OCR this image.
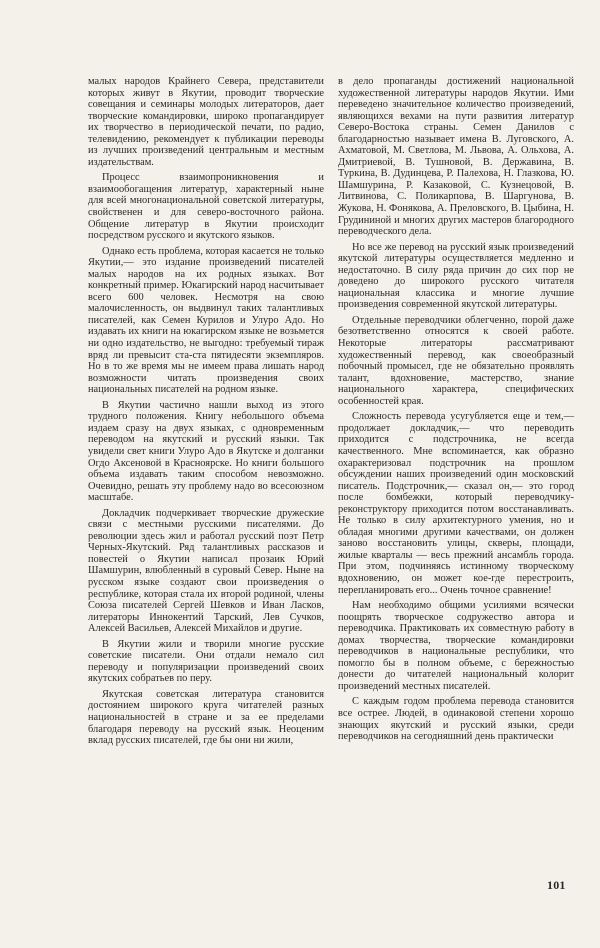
малых народов Крайнего Севера, представители которых живут в Якутии, проводит творческие совещания и семинары молодых литераторов, дает творческие командировки, широко пропагандирует их творчество в периодической печати, по радио, телевидению, рекомендует к публикации переводы из лучших произведений центральным и местным издательствам.

Процесс взаимопроникновения и взаимообогащения литератур, характерный ныне для всей многонациональной советской литературы, свойственен и для северо-восточного района. Общение литератур в Якутии происходит посредством русского и якутского языков.

Однако есть проблема, которая касается не только Якутии,— это издание произведений писателей малых народов на их родных языках. Вот конкретный пример. Юкагирский народ насчитывает всего 600 человек. Несмотря на свою малочисленность, он выдвинул таких талантливых писателей, как Семен Курилов и Улуро Адо. Но издавать их книги на юкагирском языке не возьмется ни одно издательство, не выгодно: требуемый тираж вряд ли превысит ста-ста пятидесяти экземпляров. Но в то же время мы не имеем права лишать народ возможности читать произведения своих национальных писателей на родном языке.

В Якутии частично нашли выход из этого трудного положения. Книгу небольшого объема издаем сразу на двух языках, с одновременным переводом на якутский и русский языки. Так увидели свет книги Улуро Адо в Якутске и долганки Огдо Аксеновой в Красноярске. Но книги большого объема издавать таким способом невозможно. Очевидно, решать эту проблему надо во всесоюзном масштабе.

Докладчик подчеркивает творческие дружеские связи с местными русскими писателями. До революции здесь жил и работал русский поэт Петр Черных-Якутский. Ряд талантливых рассказов и повестей о Якутии написал прозаик Юрий Шамшурин, влюбленный в суровый Север. Ныне на русском языке создают свои произведения о республике, которая стала их второй родиной, члены Союза писателей Сергей Шевков и Иван Ласков, литераторы Иннокентий Тарский, Лев Сучков, Алексей Васильев, Алексей Михайлов и другие.

В Якутии жили и творили многие русские советские писатели. Они отдали немало сил переводу и популяризации произведений своих якутских собратьев по перу.

Якутская советская литература становится достоянием широкого круга читателей разных национальностей в стране и за ее пределами благодаря переводу на русский язык. Неоценим вклад русских писателей, где бы они ни жили,

в дело пропаганды достижений национальной художественной литературы народов Якутии. Ими переведено значительное количество произведений, являющихся вехами на пути развития литератур Северо-Востока страны. Семен Данилов с благодарностью называет имена В. Луговского, А. Ахматовой, М. Светлова, М. Львова, А. Ольхова, А. Дмитриевой, В. Тушновой, В. Державина, В. Туркина, В. Дудинцева, Р. Палехова, Н. Глазкова, Ю. Шамшурина, Р. Казаковой, С. Кузнецовой, В. Литвинова, С. Поликарпова, В. Шаргунова, В. Жукова, Н. Фонякова, А. Преловского, В. Цыбина, Н. Грудининой и многих других мастеров благородного переводческого дела.

Но все же перевод на русский язык произведений якутской литературы осуществляется медленно и недостаточно. В силу ряда причин до сих пор не доведено до широкого русского читателя национальная классика и многие лучшие произведения современной якутской литературы.

Отдельные переводчики облегченно, порой даже безответственно относятся к своей работе. Некоторые литераторы рассматривают художественный перевод, как своеобразный побочный промысел, где не обязательно проявлять талант, вдохновение, мастерство, знание национального характера, специфических особенностей края.

Сложность перевода усугубляется еще и тем,— продолжает докладчик,— что переводить приходится с подстрочника, не всегда качественного. Мне вспоминается, как образно охарактеризовал подстрочник на прошлом обсуждении наших произведений один московский писатель. Подстрочник,— сказал он,— это город после бомбежки, который переводчику-реконструктору приходится потом восстанавливать. Не только в силу архитектурного умения, но и обладая многими другими качествами, он должен заново восстановить улицы, скверы, площади, жилые кварталы — весь прежний ансамбль города. При этом, подчиняясь истинному творческому вдохновению, он может кое-где перестроить, перепланировать его... Очень точное сравнение!

Нам необходимо общими усилиями всячески поощрять творческое содружество автора и переводчика. Практиковать их совместную работу в домах творчества, творческие командировки переводчиков в национальные республики, что помогло бы в полном объеме, с бережностью донести до читателей национальный колорит произведений местных писателей.

С каждым годом проблема перевода становится все острее. Людей, в одинаковой степени хорошо знающих якутский и русский языки, среди переводчиков на сегодняшний день практически

101
